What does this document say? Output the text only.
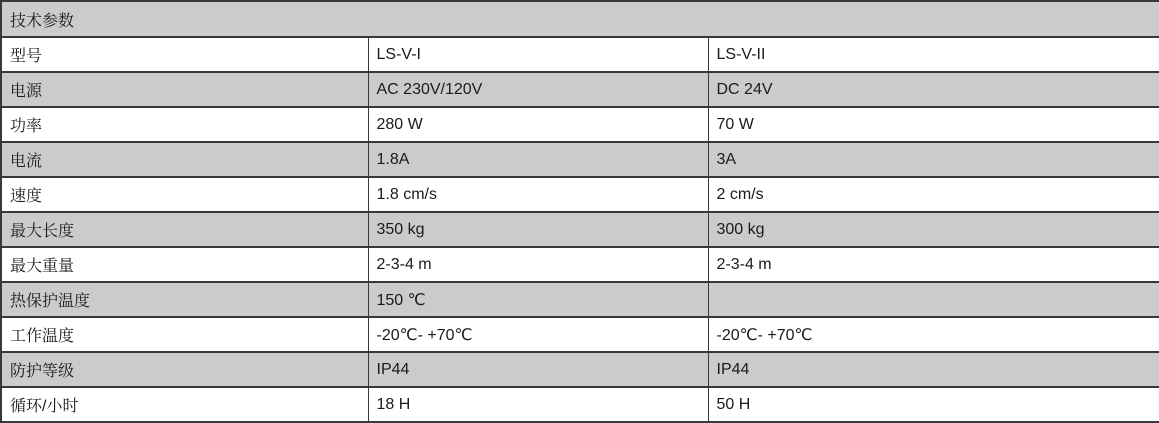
技术参数		
型号	LS-V-I	LS-V-II
电源	AC 230V/120V	DC 24V
功率	280 W	70 W
电流	1.8A	3A
速度	1.8 cm/s	2 cm/s
最大长度	350 kg	300 kg
最大重量	2-3-4 m	2-3-4 m
热保护温度	150 ℃	
工作温度	-20℃- +70℃	-20℃- +70℃
防护等级	IP44	IP44
循环/小时	18 H	50 H
